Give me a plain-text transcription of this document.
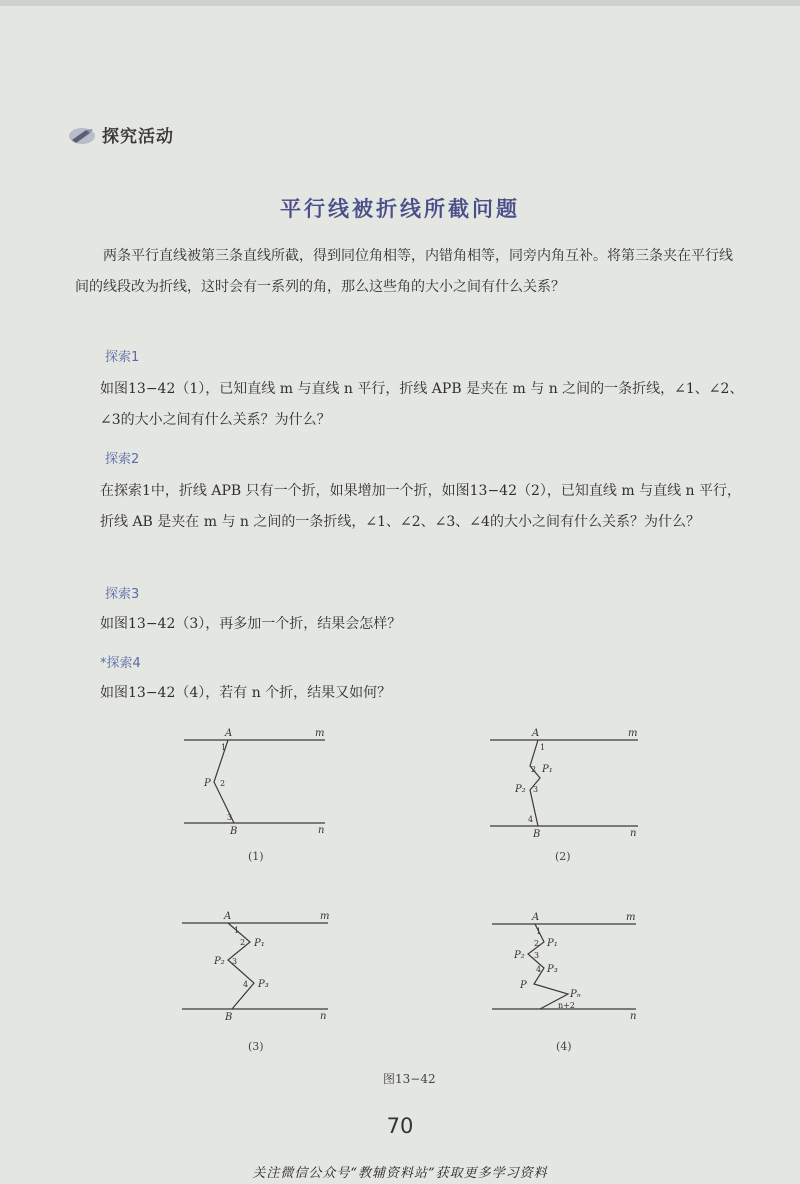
探究活动
平行线被折线所截问题
两条平行直线被第三条直线所截，得到同位角相等，内错角相等，同旁内角互补。将第三条夹在平行线间的线段改为折线，这时会有一系列的角，那么这些角的大小之间有什么关系？
探索1
如图13−42（1），已知直线 m 与直线 n 平行，折线 APB 是夹在 m 与 n 之间的一条折线，∠1、∠2、∠3的大小之间有什么关系？为什么？
探索2
在探索1中，折线 APB 只有一个折，如果增加一个折，如图13−42（2），已知直线 m 与直线 n 平行，折线 AB 是夹在 m 与 n 之间的一条折线，∠1、∠2、∠3、∠4的大小之间有什么关系？为什么？
探索3
如图13−42（3），再多加一个折，结果会怎样？
*探索4
如图13−42（4），若有 n 个折，结果又如何？
A	m
B	n
P
1
2
3
A	m
B	n
P₁
P₂
1
2
3
4
A	m
B	n
P₁
P₂
P₃
1
2
3
4
A	m
n
P₁
P₂
P₃
Pₙ
P
n+2
1
2
3
4
(1)	(2)
(3)	(4)
图13−42
70
关注微信公众号“教辅资料站”获取更多学习资料
